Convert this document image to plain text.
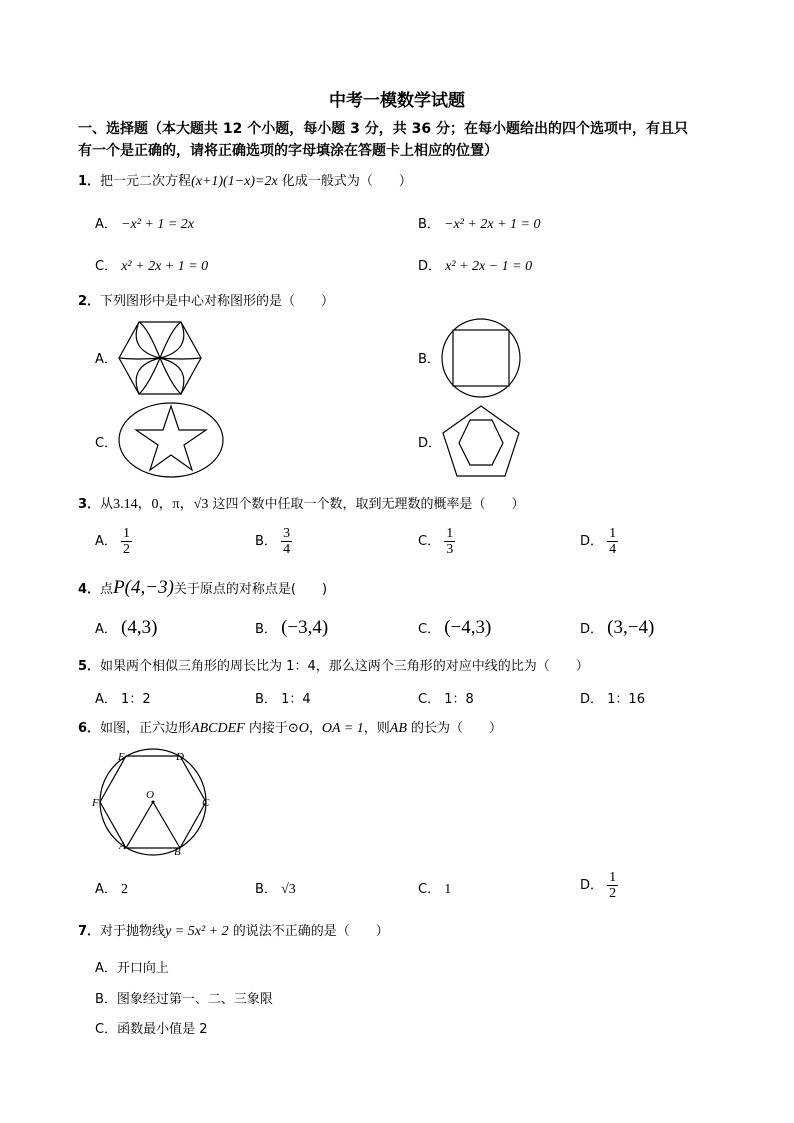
中考一模数学试题
一、选择题（本大题共 12 个小题，每小题 3 分，共 36 分；在每小题给出的四个选项中，有且只
有一个是正确的，请将正确选项的字母填涂在答题卡上相应的位置）
1．把一元二次方程(x+1)(1−x)=2x 化成一般式为（　　）
A． −x² + 1 = 2x	B． −x² + 2x + 1 = 0
C． x² + 2x + 1 = 0	D． x² + 2x − 1 = 0
2．下列图形中是中心对称图形的是（　　）
A．	B．
C．	D．
3．从3.14，0，π，√3 这四个数中任取一个数，取到无理数的概率是（　　）
A． $\frac{1}{2}$	B． $\frac{3}{4}$	C． $\frac{1}{3}$	D． $\frac{1}{4}$
4．点P(4,−3)关于原点的对称点是(　　)
A． (4,3)	B． (−3,4)	C． (−4,3)	D． (3,−4)
5．如果两个相似三角形的周长比为 1：4，那么这两个三角形的对应中线的比为（　　）
A． 1：2	B． 1：4	C． 1：8	D． 1：16
6．如图，正六边形ABCDEF 内接于⊙O，OA = 1，则AB 的长为（　　）
E	D
F	C
O
A	B
A． 2	B． √3	C． 1	D． $\frac{1}{2}$
7．对于抛物线y = 5x² + 2 的说法不正确的是（　　）
A．开口向上
B．图象经过第一、二、三象限
C．函数最小值是 2
